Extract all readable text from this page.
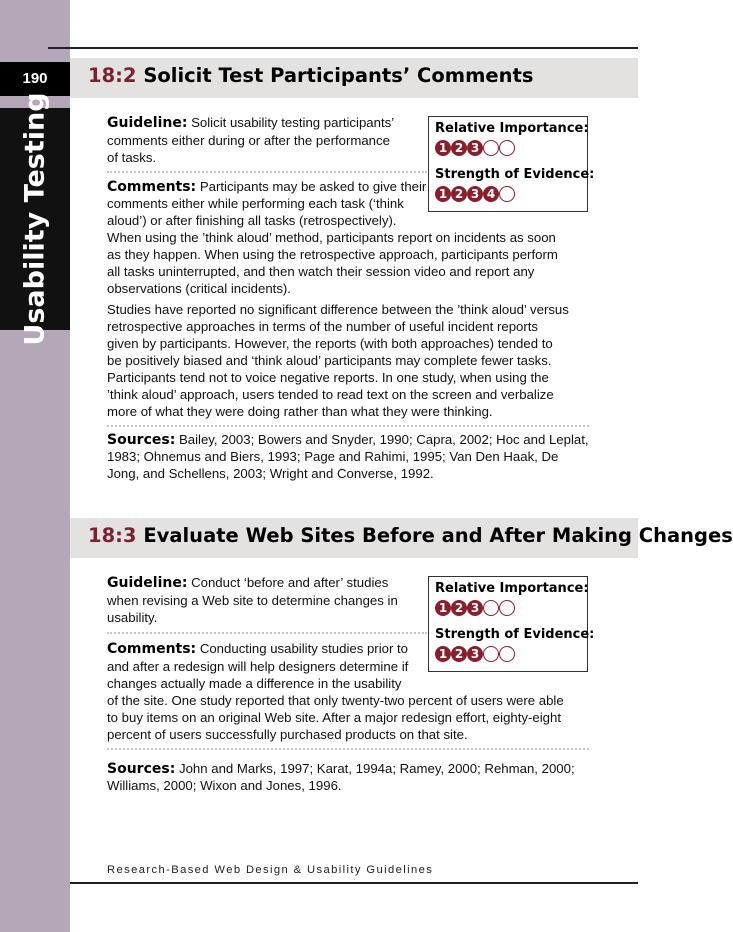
190
Usability Testing
18:2 Solicit Test Participants’ Comments
Guideline: Solicit usability testing participants’
comments either during or after the performance
of tasks.
Comments: Participants may be asked to give their
comments either while performing each task (‘think
aloud’) or after finishing all tasks (retrospectively).
When using the ’think aloud’ method, participants report on incidents as soon
as they happen. When using the retrospective approach, participants perform
all tasks uninterrupted, and then watch their session video and report any
observations (critical incidents).
Studies have reported no significant difference between the ’think aloud’ versus
retrospective approaches in terms of the number of useful incident reports
given by participants. However, the reports (with both approaches) tended to
be positively biased and ‘think aloud’ participants may complete fewer tasks.
Participants tend not to voice negative reports. In one study, when using the
’think aloud’ approach, users tended to read text on the screen and verbalize
more of what they were doing rather than what they were thinking.
Sources: Bailey, 2003; Bowers and Snyder, 1990; Capra, 2002; Hoc and Leplat,
1983; Ohnemus and Biers, 1993; Page and Rahimi, 1995; Van Den Haak, De
Jong, and Schellens, 2003; Wright and Converse, 1992.
Relative Importance:
1 2 3
Strength of Evidence:
1 2 3 4
18:3 Evaluate Web Sites Before and After Making Changes
Guideline: Conduct ‘before and after’ studies
when revising a Web site to determine changes in
usability.
Comments: Conducting usability studies prior to
and after a redesign will help designers determine if
changes actually made a difference in the usability
of the site. One study reported that only twenty-two percent of users were able
to buy items on an original Web site. After a major redesign effort, eighty-eight
percent of users successfully purchased products on that site.
Sources: John and Marks, 1997; Karat, 1994a; Ramey, 2000; Rehman, 2000;
Williams, 2000; Wixon and Jones, 1996.
Relative Importance:
1 2 3
Strength of Evidence:
1 2 3
Research-Based Web Design & Usability Guidelines
